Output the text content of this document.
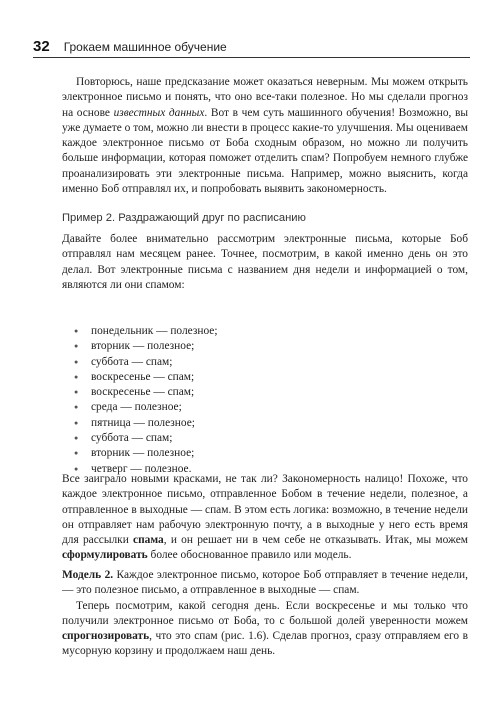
32 Грокаем машинное обучение

Повторюсь, наше предсказание может оказаться неверным. Мы можем открыть электронное письмо и понять, что оно все-таки полезное. Но мы сделали прогноз на основе известных данных. Вот в чем суть машинного обучения! Возможно, вы уже думаете о том, можно ли внести в процесс какие-то улучшения. Мы оцениваем каждое электронное письмо от Боба сходным образом, но можно ли получить больше информации, которая поможет отделить спам? Попробуем немного глубже проанализировать эти электронные письма. Например, можно выяснить, когда именно Боб отправлял их, и попробовать выявить закономерность.

Пример 2. Раздражающий друг по расписанию

Давайте более внимательно рассмотрим электронные письма, которые Боб отправлял нам месяцем ранее. Точнее, посмотрим, в какой именно день он это делал. Вот электронные письма с названием дня недели и информацией о том, являются ли они спамом:

● понедельник — полезное;
● вторник — полезное;
● суббота — спам;
● воскресенье — спам;
● воскресенье — спам;
● среда — полезное;
● пятница — полезное;
● суббота — спам;
● вторник — полезное;
● четверг — полезное.

Все заиграло новыми красками, не так ли? Закономерность налицо! Похоже, что каждое электронное письмо, отправленное Бобом в течение недели, полезное, а отправленное в выходные — спам. В этом есть логика: возможно, в течение недели он отправляет нам рабочую электронную почту, а в выходные у него есть время для рассылки спама, и он решает ни в чем себе не отказывать. Итак, мы можем сформулировать более обоснованное правило или модель.

Модель 2. Каждое электронное письмо, которое Боб отправляет в течение недели, — это полезное письмо, а отправленное в выходные — спам.

Теперь посмотрим, какой сегодня день. Если воскресенье и мы только что получили электронное письмо от Боба, то с большой долей уверенности можем спрогнозировать, что это спам (рис. 1.6). Сделав прогноз, сразу отправляем его в мусорную корзину и продолжаем наш день.
